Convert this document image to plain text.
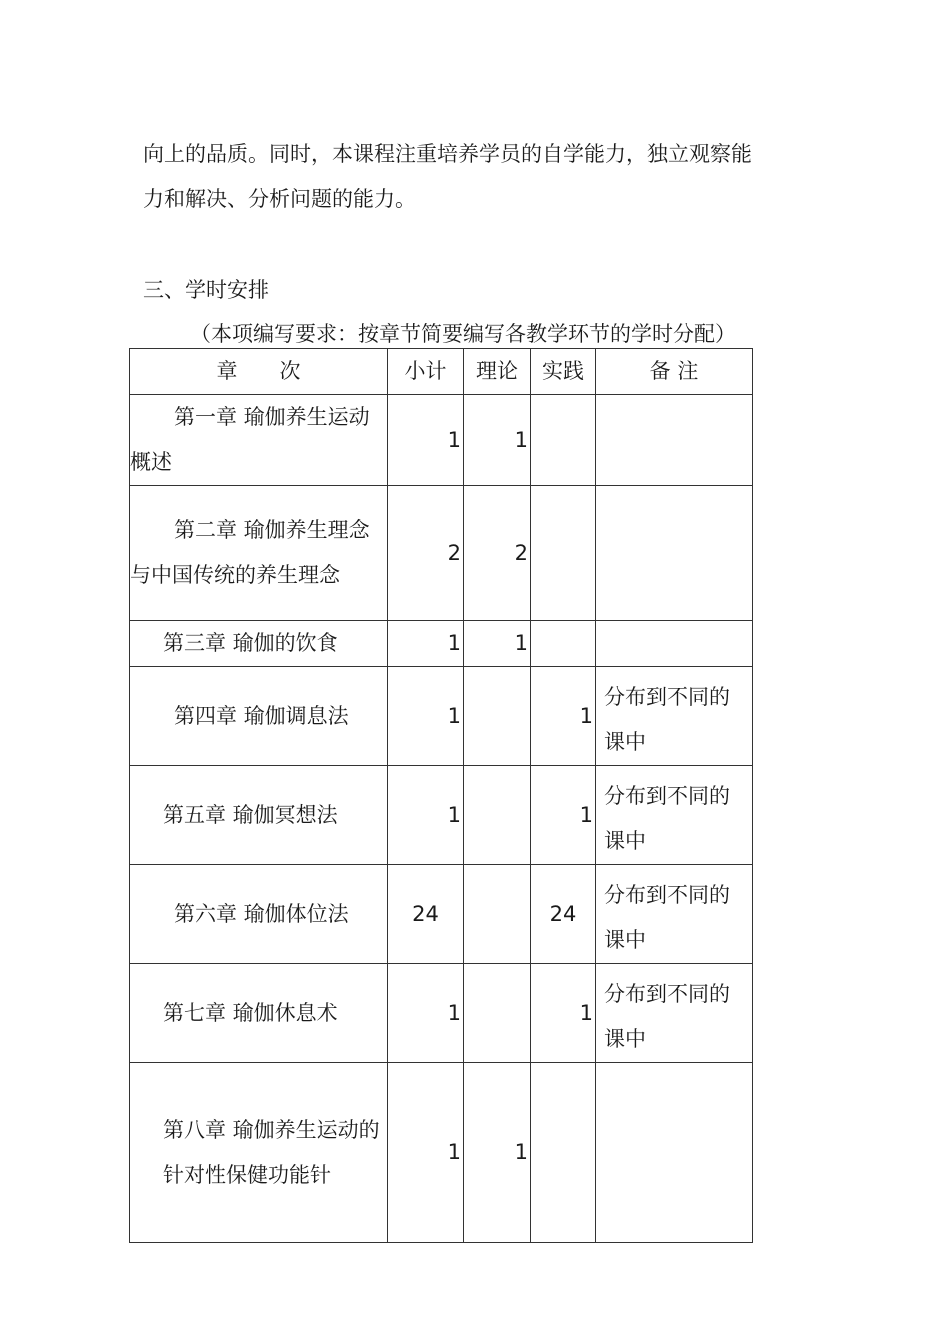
向上的品质。同时，本课程注重培养学员的自学能力，独立观察能
力和解决、分析问题的能力。

三、学时安排

（本项编写要求：按章节简要编写各教学环节的学时分配）

章　　次	小计	理论	实践	备 注

第一章 瑜伽养生运动概述	1	1		

第二章 瑜伽养生理念与中国传统的养生理念	2	2		

第三章 瑜伽的饮食	1	1		

第四章 瑜伽调息法	1		1	分布到不同的课中

第五章 瑜伽冥想法	1		1	分布到不同的课中

第六章 瑜伽体位法	24		24	分布到不同的课中

第七章 瑜伽休息术	1		1	分布到不同的课中

第八章 瑜伽养生运动的针对性保健功能针	1	1		
